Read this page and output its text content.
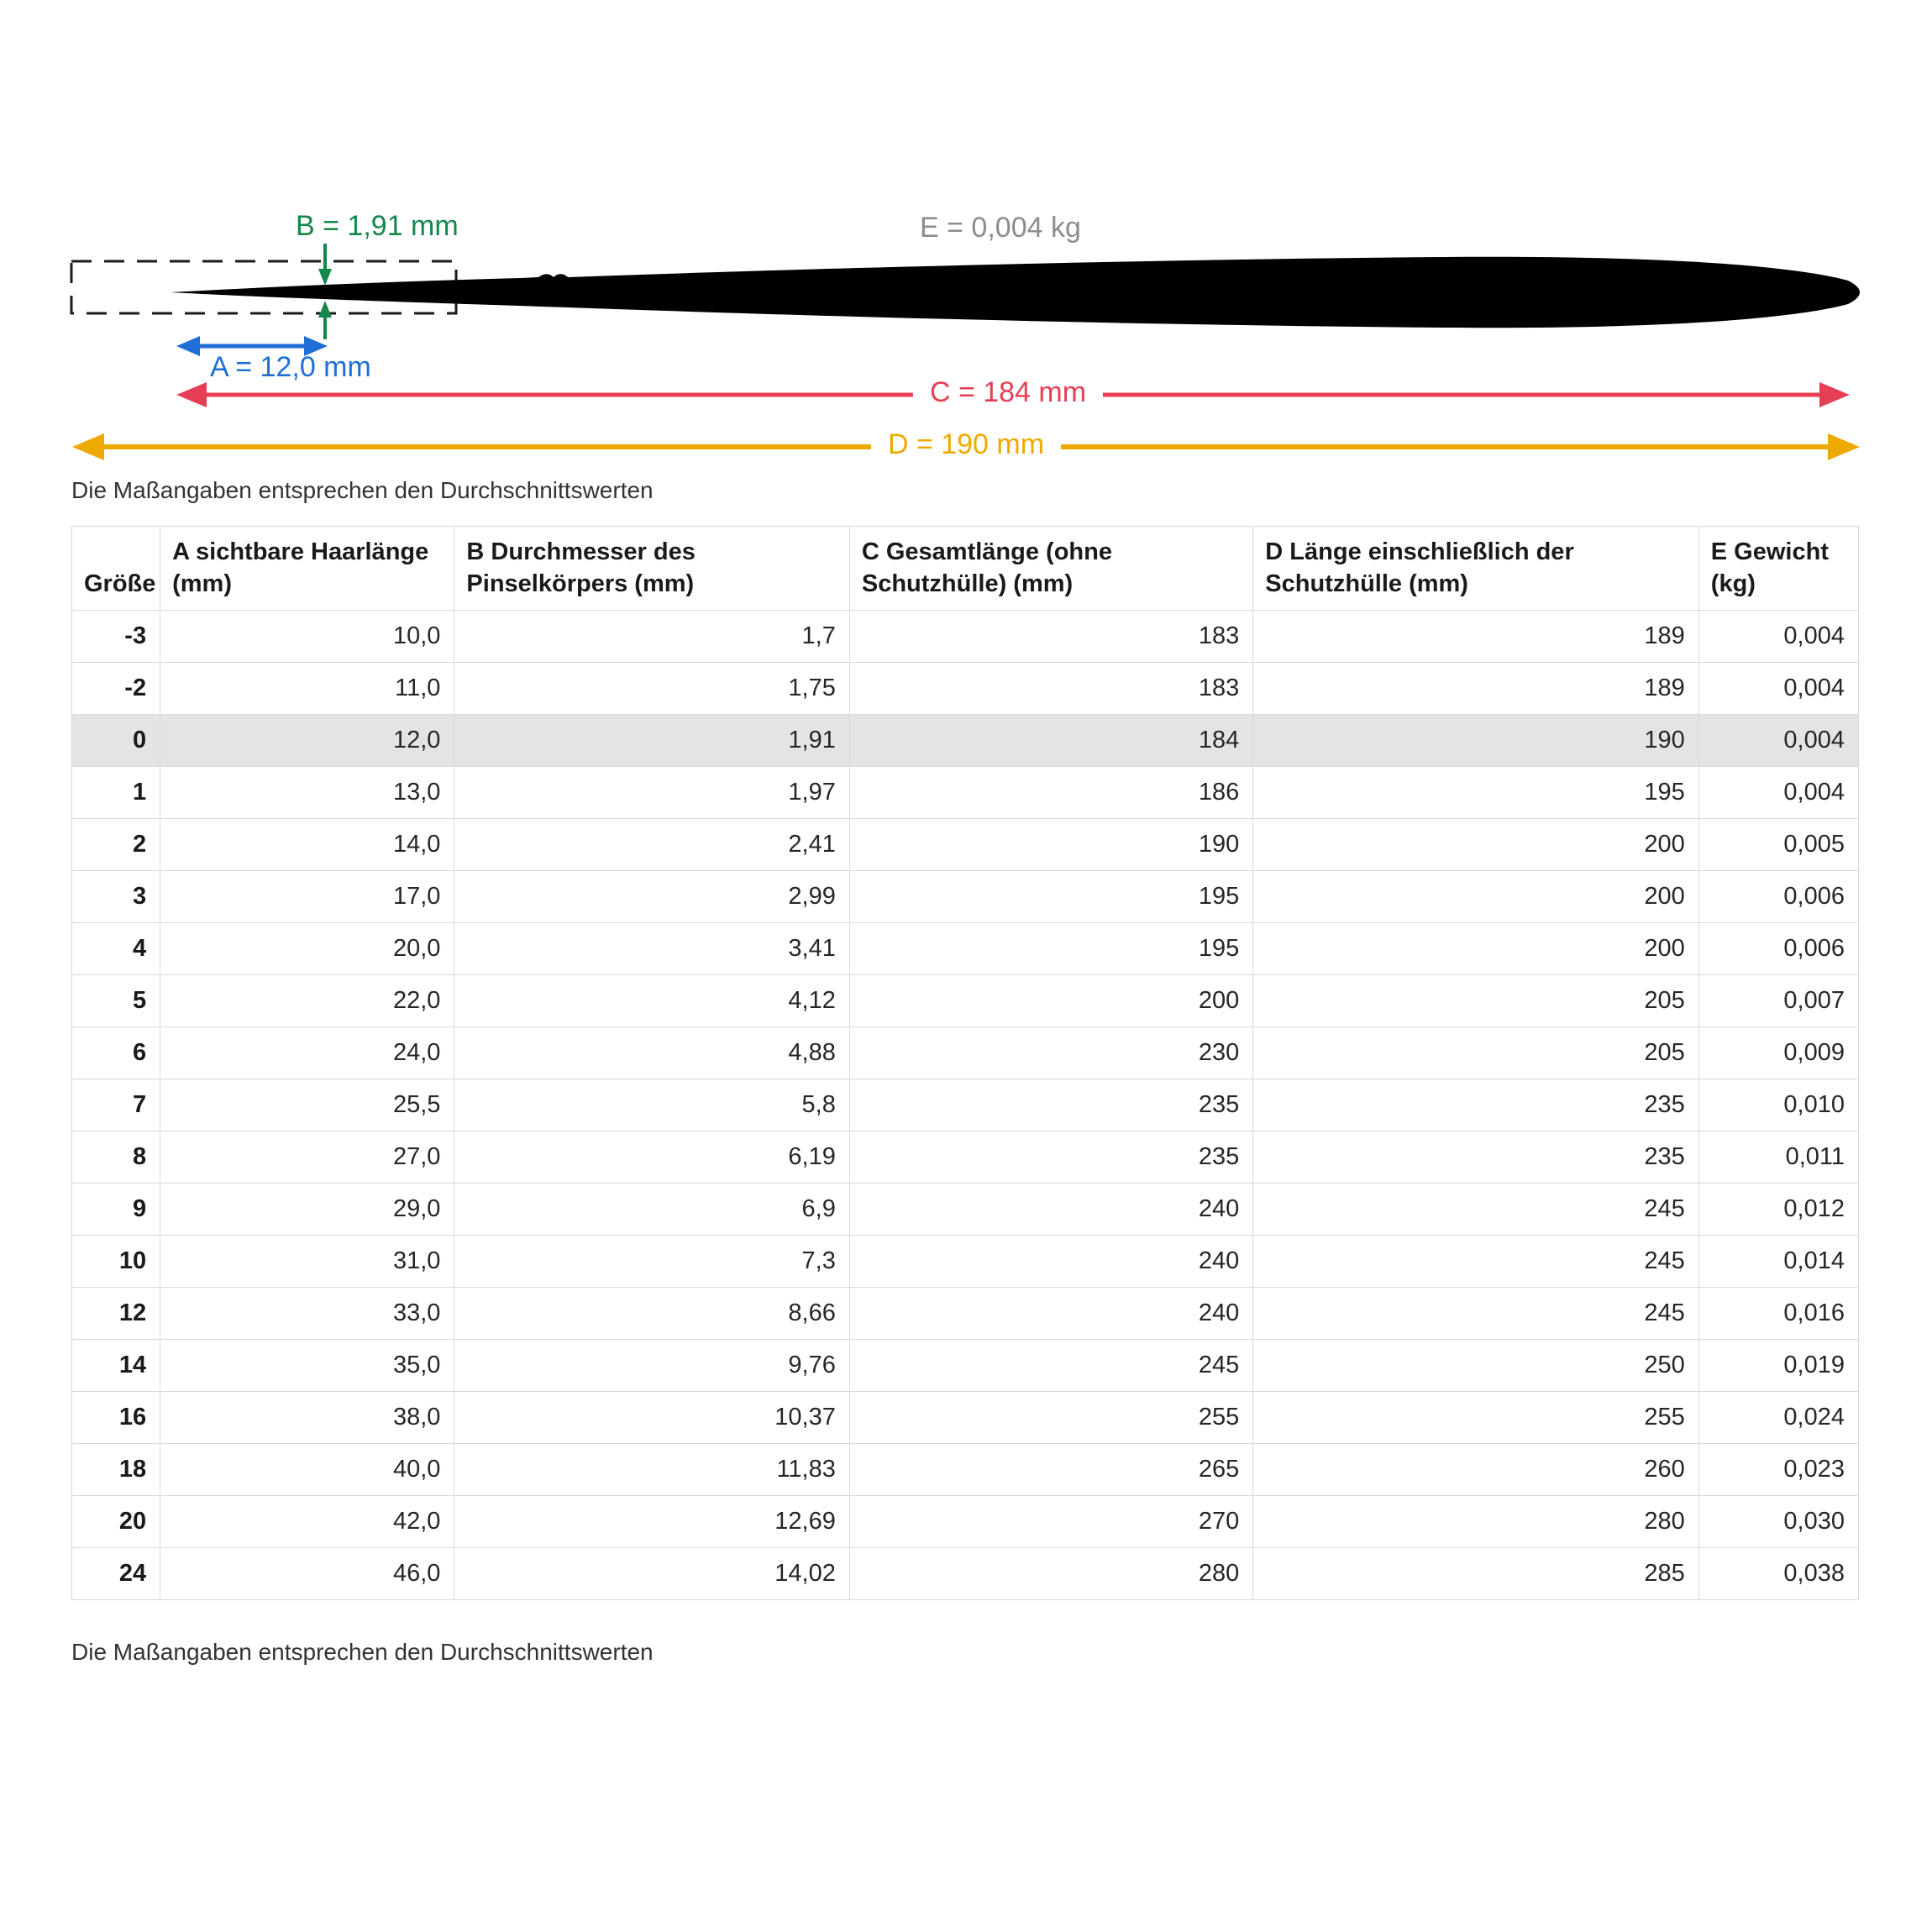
B = 1,91 mm	E = 0,004 kg
A = 12,0 mm
C = 184 mm
D = 190 mm
Die Maßangaben entsprechen den Durchschnittswerten
Größe	A sichtbare Haarlänge (mm)	B Durchmesser des Pinselkörpers (mm)	C Gesamtlänge (ohne Schutzhülle) (mm)	D Länge einschließlich der Schutzhülle (mm)	E Gewicht (kg)
-3	10,0	1,7	183	189	0,004
-2	11,0	1,75	183	189	0,004
0	12,0	1,91	184	190	0,004
1	13,0	1,97	186	195	0,004
2	14,0	2,41	190	200	0,005
3	17,0	2,99	195	200	0,006
4	20,0	3,41	195	200	0,006
5	22,0	4,12	200	205	0,007
6	24,0	4,88	230	205	0,009
7	25,5	5,8	235	235	0,010
8	27,0	6,19	235	235	0,011
9	29,0	6,9	240	245	0,012
10	31,0	7,3	240	245	0,014
12	33,0	8,66	240	245	0,016
14	35,0	9,76	245	250	0,019
16	38,0	10,37	255	255	0,024
18	40,0	11,83	265	260	0,023
20	42,0	12,69	270	280	0,030
24	46,0	14,02	280	285	0,038
Die Maßangaben entsprechen den Durchschnittswerten
